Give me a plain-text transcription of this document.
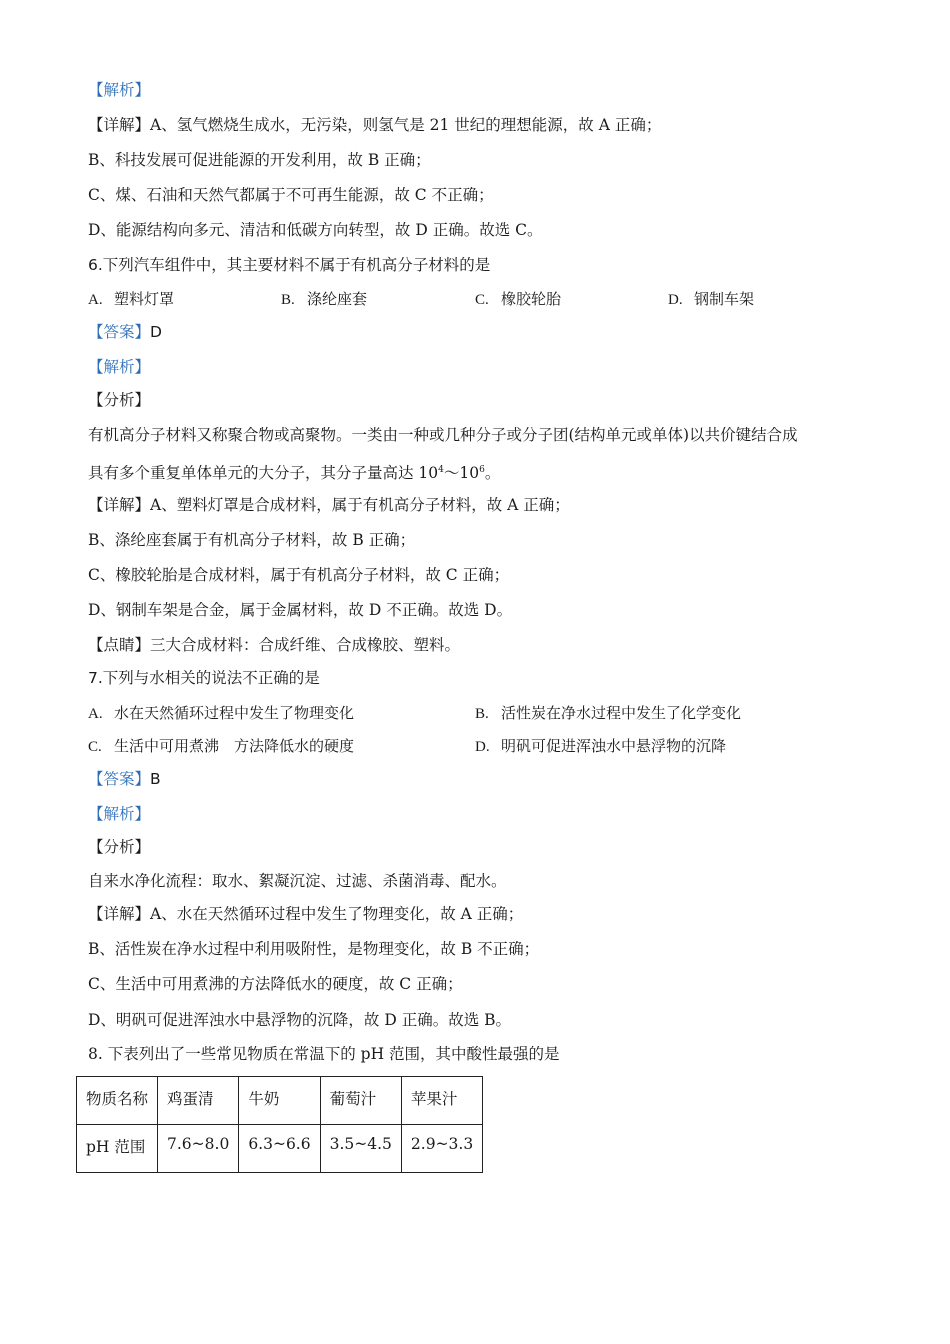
【解析】
【详解】A、氢气燃烧生成水，无污染，则氢气是 21 世纪的理想能源，故 A 正确；
B、科技发展可促进能源的开发利用，故 B 正确；
C、煤、石油和天然气都属于不可再生能源，故 C 不正确；
D、能源结构向多元、清洁和低碳方向转型，故 D 正确。故选 C。
6.下列汽车组件中，其主要材料不属于有机高分子材料的是
A. 塑料灯罩	B. 涤纶座套	C. 橡胶轮胎	D. 钢制车架
【答案】D
【解析】
【分析】
有机高分子材料又称聚合物或高聚物。一类由一种或几种分子或分子团(结构单元或单体)以共价键结合成
具有多个重复单体单元的大分子，其分子量高达 $10^4\sim 10^6$。
【详解】A、塑料灯罩是合成材料，属于有机高分子材料，故 A 正确；
B、涤纶座套属于有机高分子材料，故 B 正确；
C、橡胶轮胎是合成材料，属于有机高分子材料，故 C 正确；
D、钢制车架是合金，属于金属材料，故 D 不正确。故选 D。
【点睛】三大合成材料：合成纤维、合成橡胶、塑料。
7.下列与水相关的说法不正确的是
A. 水在天然循环过程中发生了物理变化	B. 活性炭在净水过程中发生了化学变化
C. 生活中可用煮沸　方法降低水的硬度	D. 明矾可促进浑浊水中悬浮物的沉降
【答案】B
【解析】
【分析】
自来水净化流程：取水、絮凝沉淀、过滤、杀菌消毒、配水。
【详解】A、水在天然循环过程中发生了物理变化，故 A 正确；
B、活性炭在净水过程中利用吸附性，是物理变化，故 B 不正确；
C、生活中可用煮沸的方法降低水的硬度，故 C 正确；
D、明矾可促进浑浊水中悬浮物的沉降，故 D 正确。故选 B。
8. 下表列出了一些常见物质在常温下的 pH 范围，其中酸性最强的是
物质名称	鸡蛋清	牛奶	葡萄汁	苹果汁
pH 范围	7.6~8.0	6.3~6.6	3.5~4.5	2.9~3.3
